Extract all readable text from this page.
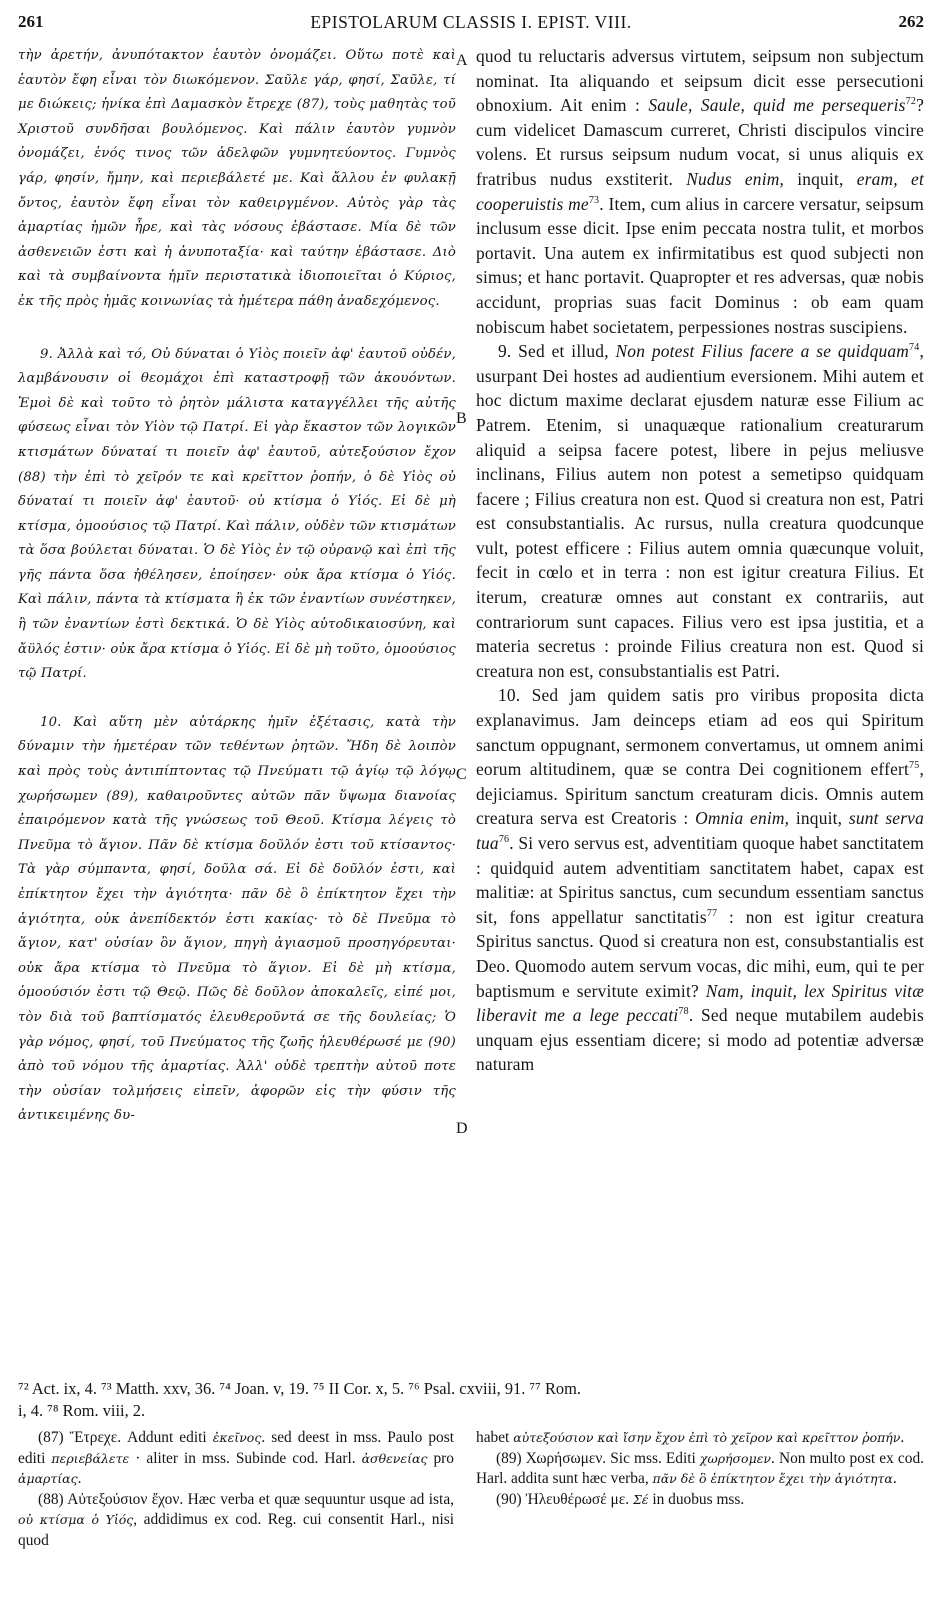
261	EPISTOLARUM CLASSIS I. EPIST. VIII.	262

τὴν ἀρετήν, ἀνυπότακτον ἑαυτὸν ὀνομάζει. Οὕτω ποτὲ καὶ ἑαυτὸν ἔφη εἶναι τὸν διωκόμενον. Σαῦλε γάρ, φησί, Σαῦλε, τί με διώκεις; ἡνίκα ἐπὶ Δαμασκὸν ἔτρεχε (87), τοὺς μαθητὰς τοῦ Χριστοῦ συνδῆσαι βουλόμενος. Καὶ πάλιν ἑαυτὸν γυμνὸν ὀνομάζει, ἑνός τινος τῶν ἀδελφῶν γυμνητεύοντος. Γυμνὸς γάρ, φησίν, ἤμην, καὶ περιεβάλετέ με. Καὶ ἄλλου ἐν φυλακῇ ὄντος, ἑαυτὸν ἔφη εἶναι τὸν καθειργμένον. Αὐτὸς γὰρ τὰς ἁμαρτίας ἡμῶν ἦρε, καὶ τὰς νόσους ἐβάστασε. Μία δὲ τῶν ἀσθενειῶν ἐστι καὶ ἡ ἀνυποταξία· καὶ ταύτην ἐβάστασε. Διὸ καὶ τὰ συμβαίνοντα ἡμῖν περιστατικὰ ἰδιοποιεῖται ὁ Κύριος, ἐκ τῆς πρὸς ἡμᾶς κοινωνίας τὰ ἡμέτερα πάθη ἀναδεχόμενος.

9. Ἀλλὰ καὶ τό, Οὐ δύναται ὁ Υἱὸς ποιεῖν ἀφ' ἑαυτοῦ οὐδέν, λαμβάνουσιν οἱ θεομάχοι ἐπὶ καταστροφῇ τῶν ἀκουόντων. Ἐμοὶ δὲ καὶ τοῦτο τὸ ῥητὸν μάλιστα καταγγέλλει τῆς αὐτῆς φύσεως εἶναι τὸν Υἱὸν τῷ Πατρί. Εἰ γὰρ ἕκαστον τῶν λογικῶν κτισμάτων δύναταί τι ποιεῖν ἀφ' ἑαυτοῦ, αὐτεξούσιον ἔχον (88) τὴν ἐπὶ τὸ χεῖρόν τε καὶ κρεῖττον ῥοπήν, ὁ δὲ Υἱὸς οὐ δύναταί τι ποιεῖν ἀφ' ἑαυτοῦ· οὐ κτίσμα ὁ Υἱός. Εἰ δὲ μὴ κτίσμα, ὁμοούσιος τῷ Πατρί. Καὶ πάλιν, οὐδὲν τῶν κτισμάτων τὰ ὅσα βούλεται δύναται. Ὁ δὲ Υἱὸς ἐν τῷ οὐρανῷ καὶ ἐπὶ τῆς γῆς πάντα ὅσα ἠθέλησεν, ἐποίησεν· οὐκ ἄρα κτίσμα ὁ Υἱός. Καὶ πάλιν, πάντα τὰ κτίσματα ἢ ἐκ τῶν ἐναντίων συνέστηκεν, ἢ τῶν ἐναντίων ἐστὶ δεκτικά. Ὁ δὲ Υἱὸς αὐτοδικαιοσύνη, καὶ ἄϋλός ἐστιν· οὐκ ἄρα κτίσμα ὁ Υἱός. Εἰ δὲ μὴ τοῦτο, ὁμοούσιος τῷ Πατρί.

10. Καὶ αὕτη μὲν αὐτάρκης ἡμῖν ἐξέτασις, κατὰ τὴν δύναμιν τὴν ἡμετέραν τῶν τεθέντων ῥητῶν. Ἤδη δὲ λοιπὸν καὶ πρὸς τοὺς ἀντιπίπτοντας τῷ Πνεύματι τῷ ἁγίῳ τῷ λόγῳ χωρήσωμεν (89), καθαιροῦντες αὐτῶν πᾶν ὕψωμα διανοίας ἐπαιρόμενον κατὰ τῆς γνώσεως τοῦ Θεοῦ. Κτίσμα λέγεις τὸ Πνεῦμα τὸ ἅγιον. Πᾶν δὲ κτίσμα δοῦλόν ἐστι τοῦ κτίσαντος· Τὰ γὰρ σύμπαντα, φησί, δοῦλα σά. Εἰ δὲ δοῦλόν ἐστι, καὶ ἐπίκτητον ἔχει τὴν ἁγιότητα· πᾶν δὲ ὃ ἐπίκτητον ἔχει τὴν ἁγιότητα, οὐκ ἀνεπίδεκτόν ἐστι κακίας· τὸ δὲ Πνεῦμα τὸ ἅγιον, κατ' οὐσίαν ὂν ἅγιον, πηγὴ ἁγιασμοῦ προσηγόρευται· οὐκ ἄρα κτίσμα τὸ Πνεῦμα τὸ ἅγιον. Εἰ δὲ μὴ κτίσμα, ὁμοούσιόν ἐστι τῷ Θεῷ. Πῶς δὲ δοῦλον ἀποκαλεῖς, εἰπέ μοι, τὸν διὰ τοῦ βαπτίσματός ἐλευθεροῦντά σε τῆς δουλείας; Ὁ γὰρ νόμος, φησί, τοῦ Πνεύματος τῆς ζωῆς ἠλευθέρωσέ με (90) ἀπὸ τοῦ νόμου τῆς ἁμαρτίας. Ἀλλ' οὐδὲ τρεπτὴν αὐτοῦ ποτε τὴν οὐσίαν τολμήσεις εἰπεῖν, ἀφορῶν εἰς τὴν φύσιν τῆς ἀντικειμένης δυ-

A
B
C
D

quod tu reluctaris adversus virtutem, seipsum non subjectum nominat. Ita aliquando et seipsum dicit esse persecutioni obnoxium. Ait enim : Saule, Saule, quid me persequeris$^{72}$? cum videlicet Damascum curreret, Christi discipulos vincire volens. Et rursus seipsum nudum vocat, si unus aliquis ex fratribus nudus exstiterit. Nudus enim, inquit, eram, et cooperuistis $me^{73}$. Item, cum alius in carcere versatur, seipsum inclusum esse dicit. Ipse enim peccata nostra tulit, et morbos portavit. Una autem ex infirmitatibus est quod subjecti non simus; et hanc portavit. Quapropter et res adversas, quæ nobis accidunt, proprias suas facit Dominus : ob eam quam nobiscum habet societatem, perpessiones nostras suscipiens.

9. Sed et illud, Non potest Filius facere a se quidquam$^{74}$, usurpant Dei hostes ad audientium eversionem. Mihi autem et hoc dictum maxime declarat ejusdem naturæ esse Filium ac Patrem. Etenim, si unaquæque rationalium creaturarum aliquid a seipsa facere potest, libere in pejus meliusve inclinans, Filius autem non potest a semetipso quidquam facere ; Filius creatura non est. Quod si creatura non est, Patri est consubstantialis. Ac rursus, nulla creatura quodcunque vult, potest efficere : Filius autem omnia quæcunque voluit, fecit in cœlo et in terra : non est igitur creatura Filius. Et iterum, creaturæ omnes aut constant ex contrariis, aut contrariorum sunt capaces. Filius vero est ipsa justitia, et a materia secretus : proinde Filius creatura non est. Quod si creatura non est, consubstantialis est Patri.

10. Sed jam quidem satis pro viribus proposita dicta explanavimus. Jam deinceps etiam ad eos qui Spiritum sanctum oppugnant, sermonem convertamus, ut omnem animi eorum altitudinem, quæ se contra Dei cognitionem effert$^{75}$, dejiciamus. Spiritum sanctum creaturam dicis. Omnis autem creatura serva est Creatoris : Omnia enim, inquit, sunt serva tua$^{76}$. Si vero servus est, adventitiam quoque habet sanctitatem : quidquid autem adventitiam sanctitatem habet, capax est malitiæ: at Spiritus sanctus, cum secundum essentiam sanctus sit, fons appellatur sanctitatis$^{77}$ : non est igitur creatura Spiritus sanctus. Quod si creatura non est, consubstantialis est Deo. Quomodo autem servum vocas, dic mihi, eum, qui te per baptismum e servitute eximit? Nam, inquit, lex Spiritus vitæ liberavit me a lege peccati$^{78}$. Sed neque mutabilem audebis unquam ejus essentiam dicere; si modo ad potentiæ adversæ naturam

⁷² Act. ix, 4. ⁷³ Matth. xxv, 36. ⁷⁴ Joan. v, 19. ⁷⁵ II Cor. x, 5. ⁷⁶ Psal. cxviii, 91. ⁷⁷ Rom.
i, 4. ⁷⁸ Rom. viii, 2.

(87) Ἔτρεχε. Addunt editi ἐκεῖνος. sed deest in mss. Paulo post editi περιεβάλετε · aliter in mss. Subinde cod. Harl. ἀσθενείας pro ἁμαρτίας.

(88) Αὐτεξούσιον ἔχον. Hæc verba et quæ sequuntur usque ad ista, οὐ κτίσμα ὁ Υἱός, addidimus ex cod. Reg. cui consentit Harl., nisi quod

habet αὐτεξούσιον καὶ ἴσην ἔχον ἐπὶ τὸ χεῖρον καὶ κρεῖττον ῥοπήν.

(89) Χωρήσωμεν. Sic mss. Editi χωρήσομεν. Non multo post ex cod. Harl. addita sunt hæc verba, πᾶν δὲ ὃ ἐπίκτητον ἔχει τὴν ἁγιότητα.

(90) Ἠλευθέρωσέ με. Σέ in duobus mss.
